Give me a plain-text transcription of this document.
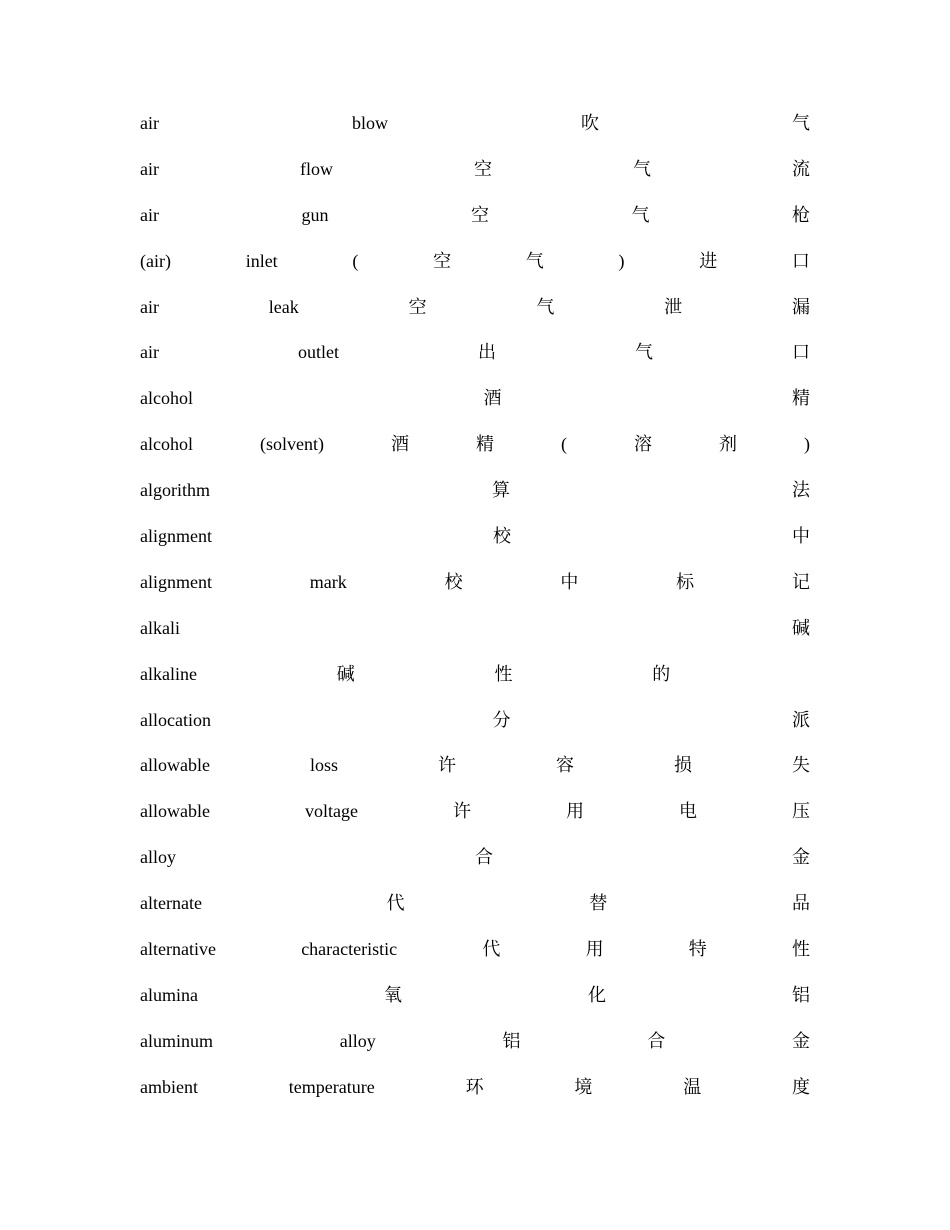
air	blow	吹	气
air	flow	空	气	流
air	gun	空	气	枪
(air)	inlet	(	空	气	)	进	口
air	leak	空	气	泄	漏
air	outlet	出	气	口
alcohol	酒	精
alcohol	(solvent)	酒	精	(	溶	剂	)
algorithm	算	法
alignment	校	中
alignment	mark	校	中	标	记
alkali	碱
alkaline	碱	性	的
allocation	分	派
allowable	loss	许	容	损	失
allowable	voltage	许	用	电	压
alloy	合	金
alternate	代	替	品
alternative	characteristic	代	用	特	性
alumina	氧	化	铝
aluminum	alloy	铝	合	金
ambient	temperature	环	境	温	度
